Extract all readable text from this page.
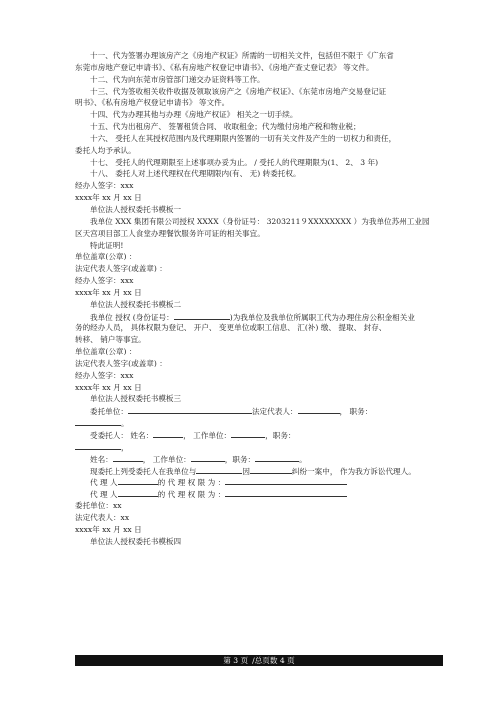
十一、代为签署办理该房产之《房地产权证》所需的一切相关文件，包括但不限于《广东省
东莞市房地产登记申请书》、《私有房地产权登记申请书》、《房地产查丈登记表》 等文件。
十二、代为向东莞市房管部门递交办证资料等工作。
十三、代为签收相关收件收据及领取该房产之《房地产权证》、《东莞市房地产交易登记证
明书》、《私有房地产权登记申请书》 等文件。
十四、代为办理其他与办理《房地产权证》 相关之一切手续。
十五、代为出租房产、 签署租赁合同、 收取租金；代为缴付房地产税和物业税；
十六、 受托人在其授权范围内及代理期限内签署的一切有关文件及产生的一切权力和责任，
委托人均予承认。
十七、 受托人的代理期限至上述事项办妥为止。 / 受托人的代理期限为(1、 2、 3 年)
十八、 委托人对上述代理权在代理期限内(有、 无) 转委托权。
经办人签字：xxx
xxxx年 xx 月 xx 日
单位法人授权委托书模板一
我单位 XXX 集团有限公司授权 XXXX（身份证号： 3203211９XXXXXXXX ）为我单位苏州工业园
区天宫项目部工人食堂办理餐饮服务许可证的相关事宜。
特此证明!
单位盖章(公章) ：
法定代表人签字(或盖章) ：
经办人签字：xxx
xxxx年 xx 月 xx 日
单位法人授权委托书模板二
我单位 授权 (身份证号：	)为我单位及我单位所属职工代为办理住房公积金相关业
务的经办人员， 具体权限为登记、 开户、 变更单位或职工信息、 汇(补) 缴、 提取、 封存、
转移、 销户等事宜。
单位盖章(公章) ：
法定代表人签字(或盖章) ：
经办人签字：xxx
xxxx年 xx 月 xx 日
单位法人授权委托书模板三
委托单位：	法定代表人：	， 职务：
。
受委托人： 姓名：	， 工作单位：	，职务：
，
姓名：	， 工作单位：	，职务：	。
现委托上列受委托人在我单位与	因	纠纷一案中， 作为我方诉讼代理人。
代 理 人	的 代 理 权 限 为 ：
代 理 人	的 代 理 权 限 为 ：
委托单位：xx
法定代表人：xx
xxxx年 xx 月 xx 日
单位法人授权委托书模板四
第 3 页 /总页数 4 页
